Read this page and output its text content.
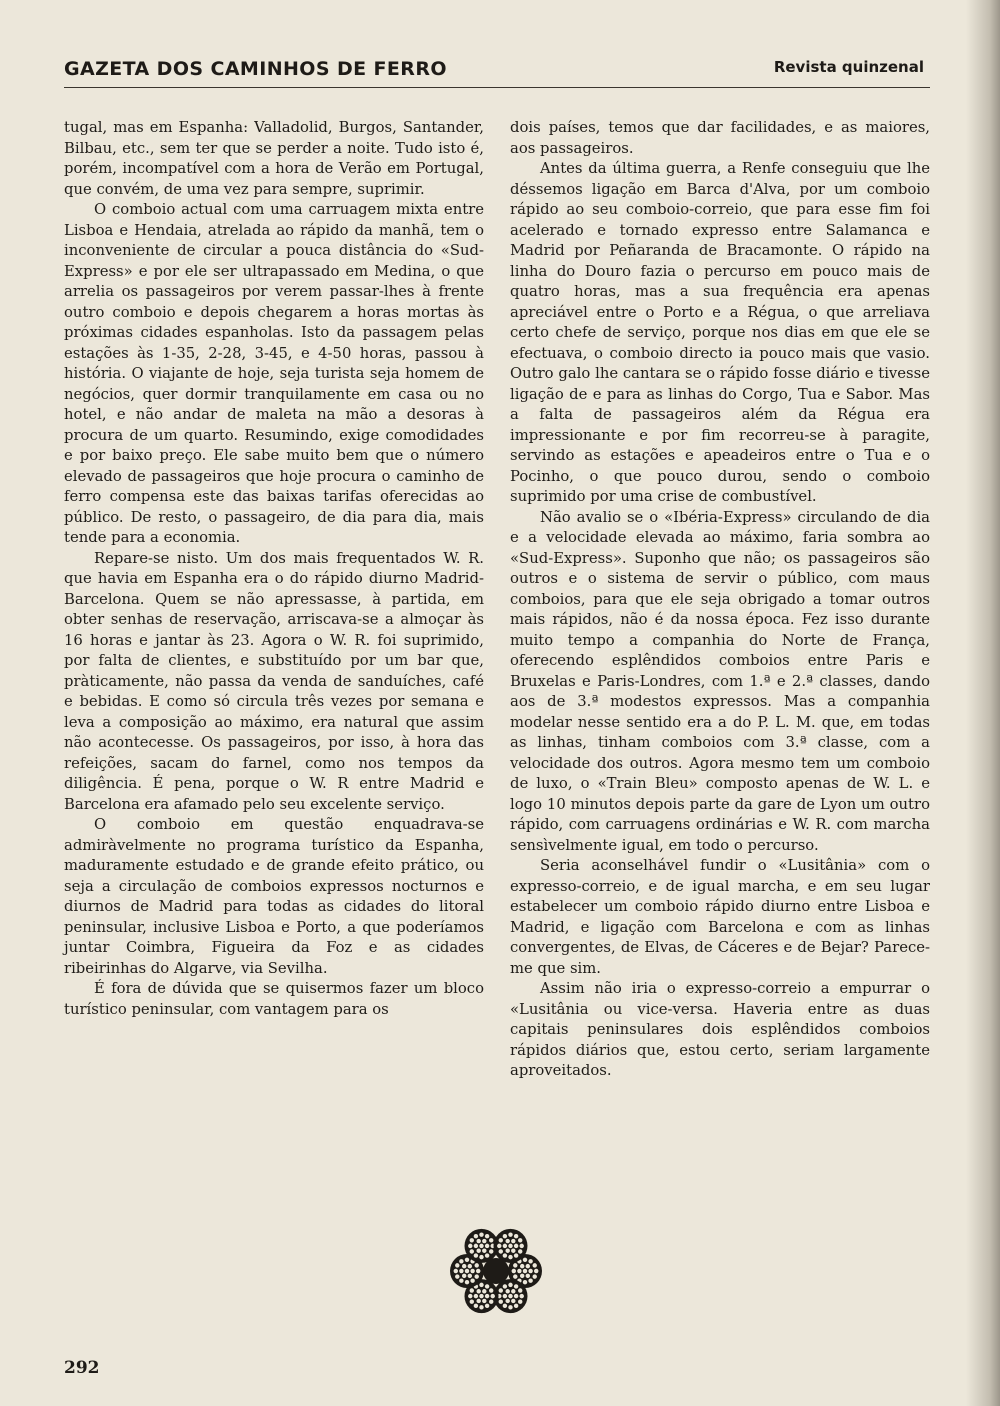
GAZETA DOS CAMINHOS DE FERRO	Revista quinzenal

tugal, mas em Espanha: Valladolid, Burgos, Santander, Bilbau, etc., sem ter que se perder a noite. Tudo isto é, porém, incompatível com a hora de Verão em Portugal, que convém, de uma vez para sempre, suprimir.

O comboio actual com uma carruagem mixta entre Lisboa e Hendaia, atrelada ao rápido da manhã, tem o inconveniente de circular a pouca distância do «Sud-Express» e por ele ser ultrapassado em Medina, o que arrelia os passageiros por verem passar-lhes à frente outro comboio e depois chegarem a horas mortas às próximas cidades espanholas. Isto da passagem pelas estações às 1-35, 2-28, 3-45, e 4-50 horas, passou à história. O viajante de hoje, seja turista seja homem de negócios, quer dormir tranquilamente em casa ou no hotel, e não andar de maleta na mão a desoras à procura de um quarto. Resumindo, exige comodidades e por baixo preço. Ele sabe muito bem que o número elevado de passageiros que hoje procura o caminho de ferro compensa este das baixas tarifas oferecidas ao público. De resto, o passageiro, de dia para dia, mais tende para a economia.

Repare-se nisto. Um dos mais frequentados W. R. que havia em Espanha era o do rápido diurno Madrid-Barcelona. Quem se não apressasse, à partida, em obter senhas de reservação, arriscava-se a almoçar às 16 horas e jantar às 23. Agora o W. R. foi suprimido, por falta de clientes, e substituído por um bar que, pràticamente, não passa da venda de sanduíches, café e bebidas. E como só circula três vezes por semana e leva a composição ao máximo, era natural que assim não acontecesse. Os passageiros, por isso, à hora das refeições, sacam do farnel, como nos tempos da diligência. É pena, porque o W. R entre Madrid e Barcelona era afamado pelo seu excelente serviço.

O comboio em questão enquadrava-se admiràvelmente no programa turístico da Espanha, maduramente estudado e de grande efeito prático, ou seja a circulação de comboios expressos nocturnos e diurnos de Madrid para todas as cidades do litoral peninsular, inclusive Lisboa e Porto, a que poderíamos juntar Coimbra, Figueira da Foz e as cidades ribeirinhas do Algarve, via Sevilha.

É fora de dúvida que se quisermos fazer um bloco turístico peninsular, com vantagem para os

dois países, temos que dar facilidades, e as maiores, aos passageiros.

Antes da última guerra, a Renfe conseguiu que lhe déssemos ligação em Barca d'Alva, por um comboio rápido ao seu comboio-correio, que para esse fim foi acelerado e tornado expresso entre Salamanca e Madrid por Peñaranda de Bracamonte. O rápido na linha do Douro fazia o percurso em pouco mais de quatro horas, mas a sua frequência era apenas apreciável entre o Porto e a Régua, o que arreliava certo chefe de serviço, porque nos dias em que ele se efectuava, o comboio directo ia pouco mais que vasio. Outro galo lhe cantara se o rápido fosse diário e tivesse ligação de e para as linhas do Corgo, Tua e Sabor. Mas a falta de passageiros além da Régua era impressionante e por fim recorreu-se à paragite, servindo as estações e apeadeiros entre o Tua e o Pocinho, o que pouco durou, sendo o comboio suprimido por uma crise de combustível.

Não avalio se o «Ibéria-Express» circulando de dia e a velocidade elevada ao máximo, faria sombra ao «Sud-Express». Suponho que não; os passageiros são outros e o sistema de servir o público, com maus comboios, para que ele seja obrigado a tomar outros mais rápidos, não é da nossa época. Fez isso durante muito tempo a companhia do Norte de França, oferecendo esplêndidos comboios entre Paris e Bruxelas e Paris-Londres, com 1.ª e 2.ª classes, dando aos de 3.ª modestos expressos. Mas a companhia modelar nesse sentido era a do P. L. M. que, em todas as linhas, tinham comboios com 3.ª classe, com a velocidade dos outros. Agora mesmo tem um comboio de luxo, o «Train Bleu» composto apenas de W. L. e logo 10 minutos depois parte da gare de Lyon um outro rápido, com carruagens ordinárias e W. R. com marcha sensìvelmente igual, em todo o percurso.

Seria aconselhável fundir o «Lusitânia» com o expresso-correio, e de igual marcha, e em seu lugar estabelecer um comboio rápido diurno entre Lisboa e Madrid, e ligação com Barcelona e com as linhas convergentes, de Elvas, de Cáceres e de Bejar? Parece-me que sim.

Assim não iria o expresso-correio a empurrar o «Lusitânia ou vice-versa. Haveria entre as duas capitais peninsulares dois esplêndidos comboios rápidos diários que, estou certo, seriam largamente aproveitados.

292
